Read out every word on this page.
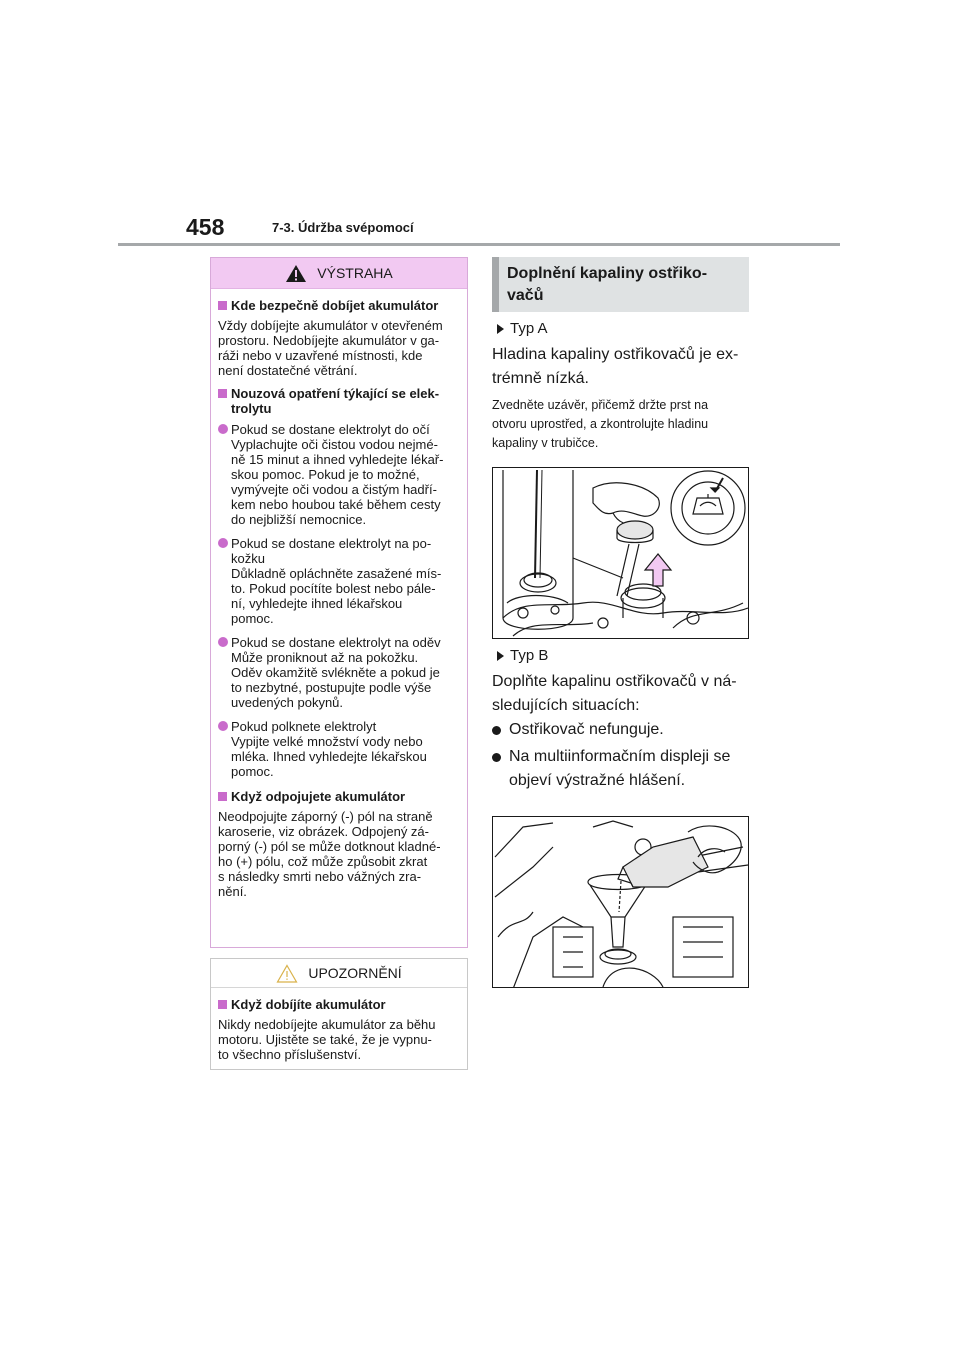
458	7-3. Údržba svépomocí
VÝSTRAHA
Kde bezpečně dobíjet akumulátor
Vždy dobíjejte akumulátor v otevřeném
prostoru. Nedobíjejte akumulátor v ga-
ráži nebo v uzavřené místnosti, kde
není dostatečné větrání.
Nouzová opatření týkající se elek-
trolytu
Pokud se dostane elektrolyt do očí
Vyplachujte oči čistou vodou nejmé-
ně 15 minut a ihned vyhledejte lékař-
skou pomoc. Pokud je to možné,
vymývejte oči vodou a čistým hadří-
kem nebo houbou také během cesty
do nejbližší nemocnice.
Pokud se dostane elektrolyt na po-
kožku
Důkladně opláchněte zasažené mís-
to. Pokud pocítíte bolest nebo pále-
ní, vyhledejte ihned lékařskou
pomoc.
Pokud se dostane elektrolyt na oděv
Může proniknout až na pokožku.
Oděv okamžitě svlékněte a pokud je
to nezbytné, postupujte podle výše
uvedených pokynů.
Pokud polknete elektrolyt
Vypijte velké množství vody nebo
mléka. Ihned vyhledejte lékařskou
pomoc.
Když odpojujete akumulátor
Neodpojujte záporný (-) pól na straně
karoserie, viz obrázek. Odpojený zá-
porný (-) pól se může dotknout kladné-
ho (+) pólu, což může způsobit zkrat
s následky smrti nebo vážných zra-
nění.
UPOZORNĚNÍ
Když dobíjíte akumulátor
Nikdy nedobíjejte akumulátor za běhu
motoru. Ujistěte se také, že je vypnu-
to všechno příslušenství.
Doplnění kapaliny ostřiko-
vačů
Typ A
Hladina kapaliny ostřikovačů je ex-
trémně nízká.
Zvedněte uzávěr, přičemž držte prst na
otvoru uprostřed, a zkontrolujte hladinu
kapaliny v trubičce.
Typ B
Doplňte kapalinu ostřikovačů v ná-
sledujících situacích:
Ostřikovač nefunguje.
Na multiinformačním displeji se
objeví výstražné hlášení.
